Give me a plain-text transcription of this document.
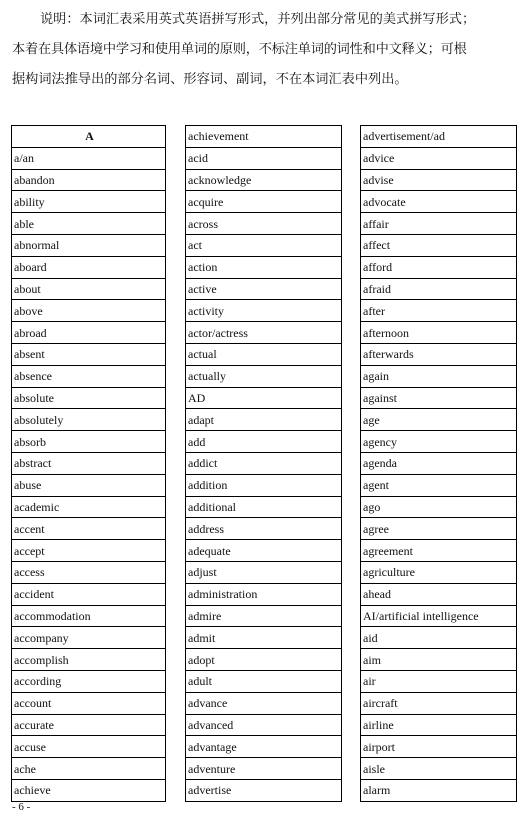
说明：本词汇表采用英式英语拼写形式，并列出部分常见的美式拼写形式；

本着在具体语境中学习和使用单词的原则，不标注单词的词性和中文释义；可根

据构词法推导出的部分名词、形容词、副词，不在本词汇表中列出。

A
a/an
abandon
ability
able
abnormal
aboard
about
above
abroad
absent
absence
absolute
absolutely
absorb
abstract
abuse
academic
accent
accept
access
accident
accommodation
accompany
accomplish
according
account
accurate
accuse
ache
achieve
achievement
acid
acknowledge
acquire
across
act
action
active
activity
actor/actress
actual
actually
AD
adapt
add
addict
addition
additional
address
adequate
adjust
administration
admire
admit
adopt
adult
advance
advanced
advantage
adventure
advertise
advertisement/ad
advice
advise
advocate
affair
affect
afford
afraid
after
afternoon
afterwards
again
against
age
agency
agenda
agent
ago
agree
agreement
agriculture
ahead
AI/artificial intelligence
aid
aim
air
aircraft
airline
airport
aisle
alarm
- 6 -
